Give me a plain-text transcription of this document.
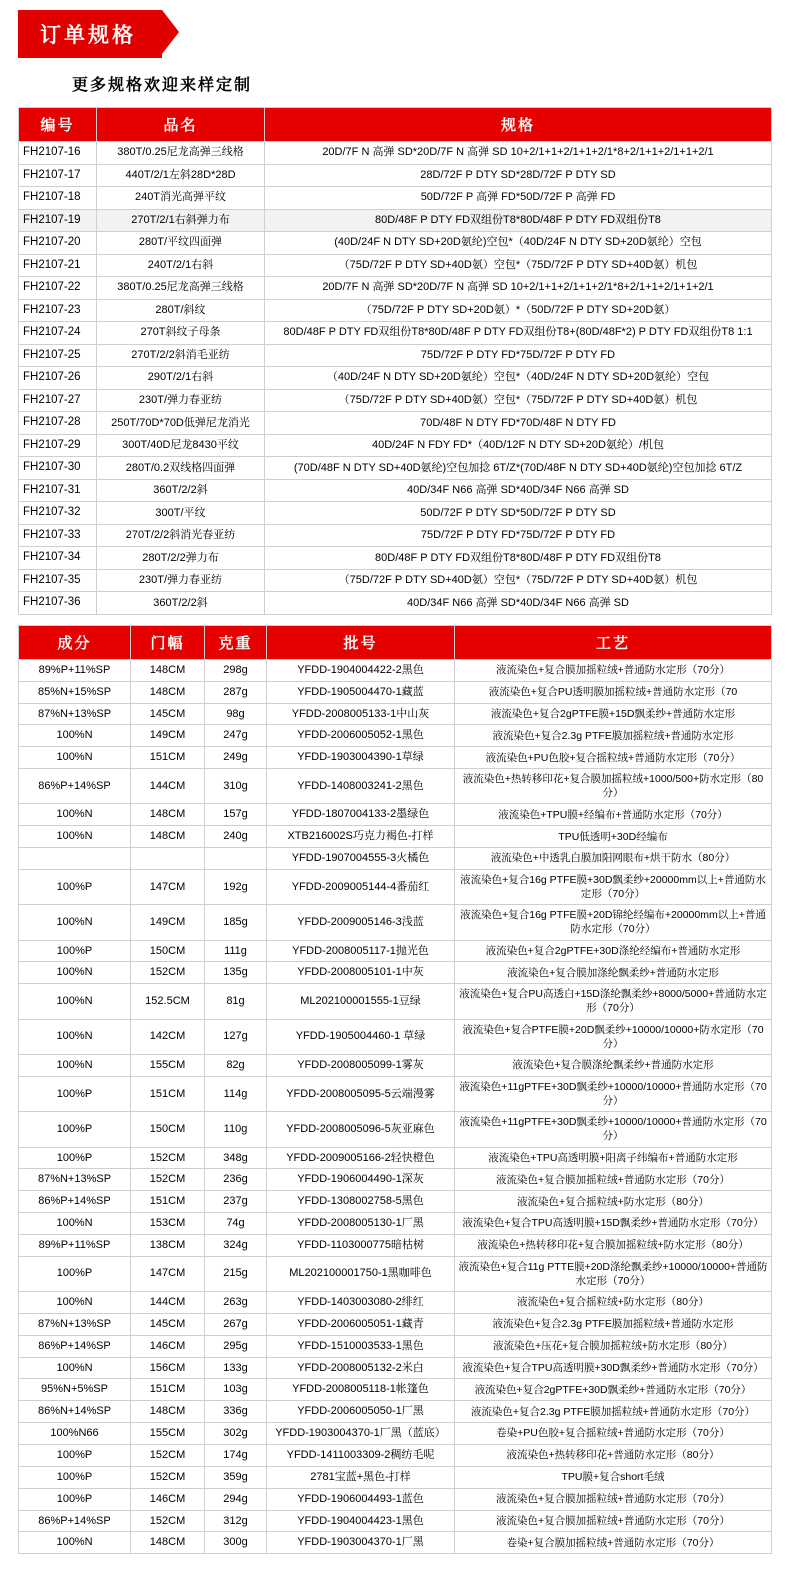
订单规格
更多规格欢迎来样定制
编号	品名	规格
FH2107-16	380T/0.25尼龙高弹三线格	20D/7F N 高弹 SD*20D/7F N 高弹 SD 10+2/1+1+2/1+1+2/1*8+2/1+1+2/1+1+2/1
FH2107-17	440T/2/1左斜28D*28D	28D/72F P DTY SD*28D/72F P DTY SD
FH2107-18	240T消光高弹平纹	50D/72F P 高弹 FD*50D/72F P 高弹 FD
FH2107-19	270T/2/1右斜弹力布	80D/48F P DTY FD双组份T8*80D/48F P DTY FD双组份T8
FH2107-20	280T/平纹四面弹	(40D/24F N DTY SD+20D氨纶)空包*（40D/24F N DTY SD+20D氨纶）空包
FH2107-21	240T/2/1右斜	（75D/72F P DTY SD+40D氨）空包*（75D/72F P DTY SD+40D氨）机包
FH2107-22	380T/0.25尼龙高弹三线格	20D/7F N 高弹 SD*20D/7F N 高弹 SD 10+2/1+1+2/1+1+2/1*8+2/1+1+2/1+1+2/1
FH2107-23	280T/斜纹	（75D/72F P DTY SD+20D氨）*（50D/72F P DTY SD+20D氨）
FH2107-24	270T斜纹子母条	80D/48F P DTY FD双组份T8*80D/48F P DTY FD双组份T8+(80D/48F*2) P DTY FD双组份T8 1:1
FH2107-25	270T/2/2斜消毛亚纺	75D/72F P DTY FD*75D/72F P DTY FD
FH2107-26	290T/2/1右斜	（40D/24F N DTY SD+20D氨纶）空包*（40D/24F N DTY SD+20D氨纶）空包
FH2107-27	230T/弹力春亚纺	（75D/72F P DTY SD+40D氨）空包*（75D/72F P DTY SD+40D氨）机包
FH2107-28	250T/70D*70D低弹尼龙消光	70D/48F N DTY FD*70D/48F N DTY FD
FH2107-29	300T/40D尼龙8430平纹	40D/24F N FDY FD*（40D/12F N DTY SD+20D氨纶）/机包
FH2107-30	280T/0.2双线格四面弹	(70D/48F N DTY SD+40D氨纶)空包加捻 6T/Z*(70D/48F N DTY SD+40D氨纶)空包加捻 6T/Z
FH2107-31	360T/2/2斜	40D/34F N66 高弹 SD*40D/34F N66 高弹 SD
FH2107-32	300T/平纹	50D/72F P DTY SD*50D/72F P DTY SD
FH2107-33	270T/2/2斜消光春亚纺	75D/72F P DTY FD*75D/72F P DTY FD
FH2107-34	280T/2/2弹力布	80D/48F P DTY FD双组份T8*80D/48F P DTY FD双组份T8
FH2107-35	230T/弹力春亚纺	（75D/72F P DTY SD+40D氨）空包*（75D/72F P DTY SD+40D氨）机包
FH2107-36	360T/2/2斜	40D/34F N66 高弹 SD*40D/34F N66 高弹 SD
成分	门幅	克重	批号	工艺
89%P+11%SP	148CM	298g	YFDD-1904004422-2黑色	液流染色+复合膜加摇粒绒+普通防水定形（70分）
85%N+15%SP	148CM	287g	YFDD-1905004470-1藏蓝	液流染色+复合PU透明膜加摇粒绒+普通防水定形（70
87%N+13%SP	145CM	98g	YFDD-2008005133-1中山灰	液流染色+复合2gPTFE膜+15D飘柔纱+普通防水定形
100%N	149CM	247g	YFDD-2006005052-1黑色	液流染色+复合2.3g PTFE膜加摇粒绒+普通防水定形
100%N	151CM	249g	YFDD-1903004390-1草绿	液流染色+PU色胶+复合摇粒绒+普通防水定形（70分）
86%P+14%SP	144CM	310g	YFDD-1408003241-2黑色	液流染色+热转移印花+复合膜加摇粒绒+1000/500+防水定形（80分）
100%N	148CM	157g	YFDD-1807004133-2墨绿色	液流染色+TPU膜+经编布+普通防水定形（70分）
100%N	148CM	240g	XTB216002S巧克力褐色-打样	TPU低透明+30D经编布
			YFDD-1907004555-3火橘色	液流染色+中透乳白膜加阳网眼布+烘干防水（80分）
100%P	147CM	192g	YFDD-2009005144-4番茄红	液流染色+复合16g PTFE膜+30D飘柔纱+20000mm以上+普通防水定形（70分）
100%N	149CM	185g	YFDD-2009005146-3浅蓝	液流染色+复合16g PTFE膜+20D锦纶经编布+20000mm以上+普通防水定形（70分）
100%P	150CM	111g	YFDD-2008005117-1抛光色	液流染色+复合2gPTFE+30D涤纶经编布+普通防水定形
100%N	152CM	135g	YFDD-2008005101-1中灰	液流染色+复合膜加涤纶飘柔纱+普通防水定形
100%N	152.5CM	81g	ML202100001555-1豆绿	液流染色+复合PU高透白+15D涤纶飘柔纱+8000/5000+普通防水定形（70分）
100%N	142CM	127g	YFDD-1905004460-1 草绿	液流染色+复合PTFE膜+20D飘柔纱+10000/10000+防水定形（70分）
100%N	155CM	82g	YFDD-2008005099-1雾灰	液流染色+复合膜涤纶飘柔纱+普通防水定形
100%P	151CM	114g	YFDD-2008005095-5云端漫雾	液流染色+11gPTFE+30D飘柔纱+10000/10000+普通防水定形（70分）
100%P	150CM	110g	YFDD-2008005096-5灰亚麻色	液流染色+11gPTFE+30D飘柔纱+10000/10000+普通防水定形（70分）
100%P	152CM	348g	YFDD-2009005166-2轻快橙色	液流染色+TPU高透明膜+阳离子纬编布+普通防水定形
87%N+13%SP	152CM	236g	YFDD-1906004490-1深灰	液流染色+复合膜加摇粒绒+普通防水定形（70分）
86%P+14%SP	151CM	237g	YFDD-1308002758-5黑色	液流染色+复合摇粒绒+防水定形（80分）
100%N	153CM	74g	YFDD-2008005130-1厂黑	液流染色+复合TPU高透明膜+15D飘柔纱+普通防水定形（70分）
89%P+11%SP	138CM	324g	YFDD-1103000775暗枯树	液流染色+热转移印花+复合膜加摇粒绒+防水定形（80分）
100%P	147CM	215g	ML202100001750-1黑咖啡色	液流染色+复合11g PTTE膜+20D涤纶飘柔纱+10000/10000+普通防水定形（70分）
100%N	144CM	263g	YFDD-1403003080-2绯红	液流染色+复合摇粒绒+防水定形（80分）
87%N+13%SP	145CM	267g	YFDD-2006005051-1藏青	液流染色+复合2.3g PTFE膜加摇粒绒+普通防水定形
86%P+14%SP	146CM	295g	YFDD-1510003533-1黑色	液流染色+压花+复合膜加摇粒绒+防水定形（80分）
100%N	156CM	133g	YFDD-2008005132-2米白	液流染色+复合TPU高透明膜+30D飘柔纱+普通防水定形（70分）
95%N+5%SP	151CM	103g	YFDD-2008005118-1帐篷色	液流染色+复合2gPTFE+30D飘柔纱+普通防水定形（70分）
86%N+14%SP	148CM	336g	YFDD-2006005050-1厂黑	液流染色+复合2.3g PTFE膜加摇粒绒+普通防水定形（70分）
100%N66	155CM	302g	YFDD-1903004370-1厂黑（蓝底）	卷染+PU色胶+复合摇粒绒+普通防水定形（70分）
100%P	152CM	174g	YFDD-1411003309-2稠纺毛呢	液流染色+热转移印花+普通防水定形（80分）
100%P	152CM	359g	2781宝蓝+黑色-打样	TPU膜+复合short毛绒
100%P	146CM	294g	YFDD-1906004493-1蓝色	液流染色+复合膜加摇粒绒+普通防水定形（70分）
86%P+14%SP	152CM	312g	YFDD-1904004423-1黑色	液流染色+复合膜加摇粒绒+普通防水定形（70分）
100%N	148CM	300g	YFDD-1903004370-1厂黑	卷染+复合膜加摇粒绒+普通防水定形（70分）
